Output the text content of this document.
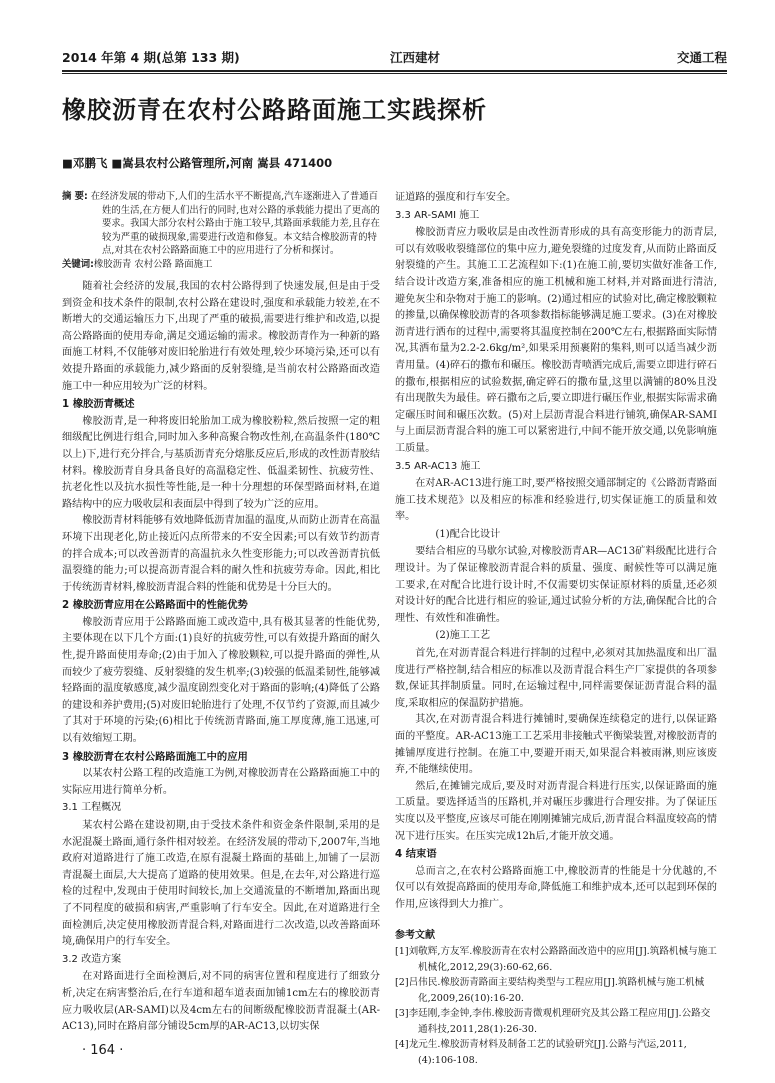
2014 年第 4 期(总第 133 期)	江西建材	交通工程
橡胶沥青在农村公路路面施工实践探析
■邓鹏飞 ■嵩县农村公路管理所,河南 嵩县 471400
摘 要: 在经济发展的带动下,人们的生活水平不断提高,汽车逐渐进入了普通百姓的生活,在方便人们出行的同时,也对公路的承载能力提出了更高的要求。我国大部分农村公路由于施工较早,其路面承载能力差,且存在较为严重的破损现象,需要进行改造和修复。本文结合橡胶沥青的特点,对其在农村公路路面施工中的应用进行了分析和探讨。
关键词:橡胶沥青 农村公路 路面施工

随着社会经济的发展,我国的农村公路得到了快速发展,但是由于受到资金和技术条件的限制,农村公路在建设时,强度和承载能力较差,在不断增大的交通运输压力下,出现了严重的破损,需要进行维护和改造,以提高公路路面的使用寿命,满足交通运输的需求。橡胶沥青作为一种新的路面施工材料,不仅能够对废旧轮胎进行有效处理,较少环境污染,还可以有效提升路面的承载能力,减少路面的反射裂缝,是当前农村公路路面改造施工中一种应用较为广泛的材料。

1 橡胶沥青概述

橡胶沥青,是一种将废旧轮胎加工成为橡胶粉粒,然后按照一定的粗细级配比例进行组合,同时加入多种高聚合物改性剂,在高温条件(180℃以上)下,进行充分拌合,与基质沥青充分熔胀反应后,形成的改性沥青胶结材料。橡胶沥青自身具备良好的高温稳定性、低温柔韧性、抗疲劳性、抗老化性以及抗水损性等性能,是一种十分理想的环保型路面材料,在道路结构中的应力吸收层和表面层中得到了较为广泛的应用。

橡胶沥青材料能够有效地降低沥青加温的温度,从而防止沥青在高温环境下出现老化,防止接近闪点所带来的不安全因素;可以有效节约沥青的拌合成本;可以改善沥青的高温抗永久性变形能力;可以改善沥青抗低温裂缝的能力;可以提高沥青混合料的耐久性和抗疲劳寿命。因此,相比于传统沥青材料,橡胶沥青混合料的性能和优势是十分巨大的。

2 橡胶沥青应用在公路路面中的性能优势

橡胶沥青应用于公路路面施工或改造中,具有极其显著的性能优势,主要体现在以下几个方面:(1)良好的抗疲劳性,可以有效提升路面的耐久性,提升路面使用寿命;(2)由于加入了橡胶颗粒,可以提升路面的弹性,从而较少了疲劳裂缝、反射裂缝的发生机率;(3)较强的低温柔韧性,能够减轻路面的温度敏感度,减少温度剧烈变化对于路面的影响;(4)降低了公路的建设和养护费用;(5)对废旧轮胎进行了处理,不仅节约了资源,而且减少了其对于环境的污染;(6)相比于传统沥青路面,施工厚度薄,施工迅速,可以有效缩短工期。

3 橡胶沥青在农村公路路面施工中的应用

以某农村公路工程的改造施工为例,对橡胶沥青在公路路面施工中的实际应用进行简单分析。

3.1 工程概况

某农村公路在建设初期,由于受技术条件和资金条件限制,采用的是水泥混凝土路面,通行条件相对较差。在经济发展的带动下,2007年,当地政府对道路进行了施工改造,在原有混凝土路面的基础上,加铺了一层沥青混凝土面层,大大提高了道路的使用效果。但是,在去年,对公路进行巡检的过程中,发现由于使用时间较长,加上交通流量的不断增加,路面出现了不同程度的破损和病害,严重影响了行车安全。因此,在对道路进行全面检测后,决定使用橡胶沥青混合料,对路面进行二次改造,以改善路面环境,确保用户的行车安全。

3.2 改造方案

在对路面进行全面检测后,对不同的病害位置和程度进行了细致分析,决定在病害整治后,在行车道和超车道表面加铺1cm左右的橡胶沥青应力吸收层(AR-SAMI)以及4cm左右的间断级配橡胶沥青混凝土(AR-AC13),同时在路肩部分铺设5cm厚的AR-AC13,以切实保

证道路的强度和行车安全。

3.3 AR-SAMI 施工

橡胶沥青应力吸收层是由改性沥青形成的具有高变形能力的沥青层,可以有效吸收裂缝部位的集中应力,避免裂缝的过度发育,从而防止路面反射裂缝的产生。其施工工艺流程如下:(1)在施工前,要切实做好准备工作,结合设计改造方案,准备相应的施工机械和施工材料,并对路面进行清洁,避免灰尘和杂物对于施工的影响。(2)通过相应的试验对比,确定橡胶颗粒的掺量,以确保橡胶沥青的各项参数指标能够满足施工要求。(3)在对橡胶沥青进行洒布的过程中,需要将其温度控制在200℃左右,根据路面实际情况,其洒布量为2.2-2.6kg/m²,如果采用预裹附的集料,则可以适当减少沥青用量。(4)碎石的撒布和碾压。橡胶沥青喷洒完成后,需要立即进行碎石的撒布,根据相应的试验数据,确定碎石的撒布量,这里以满铺的80%且没有出现散失为最佳。碎石撒布之后,要立即进行碾压作业,根据实际需求确定碾压时间和碾压次数。(5)对上层沥青混合料进行铺筑,确保AR-SAMI与上面层沥青混合料的施工可以紧密进行,中间不能开放交通,以免影响施工质量。

3.5 AR-AC13 施工

在对AR-AC13进行施工时,要严格按照交通部制定的《公路沥青路面施工技术规范》以及相应的标准和经验进行,切实保证施工的质量和效率。

(1)配合比设计

要结合相应的马歇尔试验,对橡胶沥青AR—AC13矿料级配比进行合理设计。为了保证橡胶沥青混合料的质量、强度、耐候性等可以满足施工要求,在对配合比进行设计时,不仅需要切实保证原材料的质量,还必须对设计好的配合比进行相应的验证,通过试验分析的方法,确保配合比的合理性、有效性和准确性。

(2)施工工艺

首先,在对沥青混合料进行拌制的过程中,必须对其加热温度和出厂温度进行严格控制,结合相应的标准以及沥青混合料生产厂家提供的各项参数,保证其拌制质量。同时,在运输过程中,同样需要保证沥青混合料的温度,采取相应的保温防护措施。

其次,在对沥青混合料进行摊铺时,要确保连续稳定的进行,以保证路面的平整度。AR-AC13施工工艺采用非接触式平衡梁装置,对橡胶沥青的摊铺厚度进行控制。在施工中,要避开雨天,如果混合料被雨淋,则应该废弃,不能继续使用。

然后,在摊铺完成后,要及时对沥青混合料进行压实,以保证路面的施工质量。要选择适当的压路机,并对碾压步骤进行合理安排。为了保证压实度以及平整度,应该尽可能在刚刚摊铺完成后,沥青混合料温度较高的情况下进行压实。在压实完成12h后,才能开放交通。

4 结束语

总而言之,在农村公路路面施工中,橡胶沥青的性能是十分优越的,不仅可以有效提高路面的使用寿命,降低施工和维护成本,还可以起到环保的作用,应该得到大力推广。

参考文献
[1]刘敬辉,方友军.橡胶沥青在农村公路路面改造中的应用[J].筑路机械与施工机械化,2012,29(3):60-62,66.
[2]吕伟民.橡胶沥青路面主要结构类型与工程应用[J].筑路机械与施工机械化,2009,26(10):16-20.
[3]李廷刚,李金钟,李伟.橡胶沥青微观机理研究及其公路工程应用[J].公路交通科技,2011,28(1):26-30.
[4]龙元生.橡胶沥青材料及制备工艺的试验研究[J].公路与汽运,2011,(4):106-108.
· 164 ·
